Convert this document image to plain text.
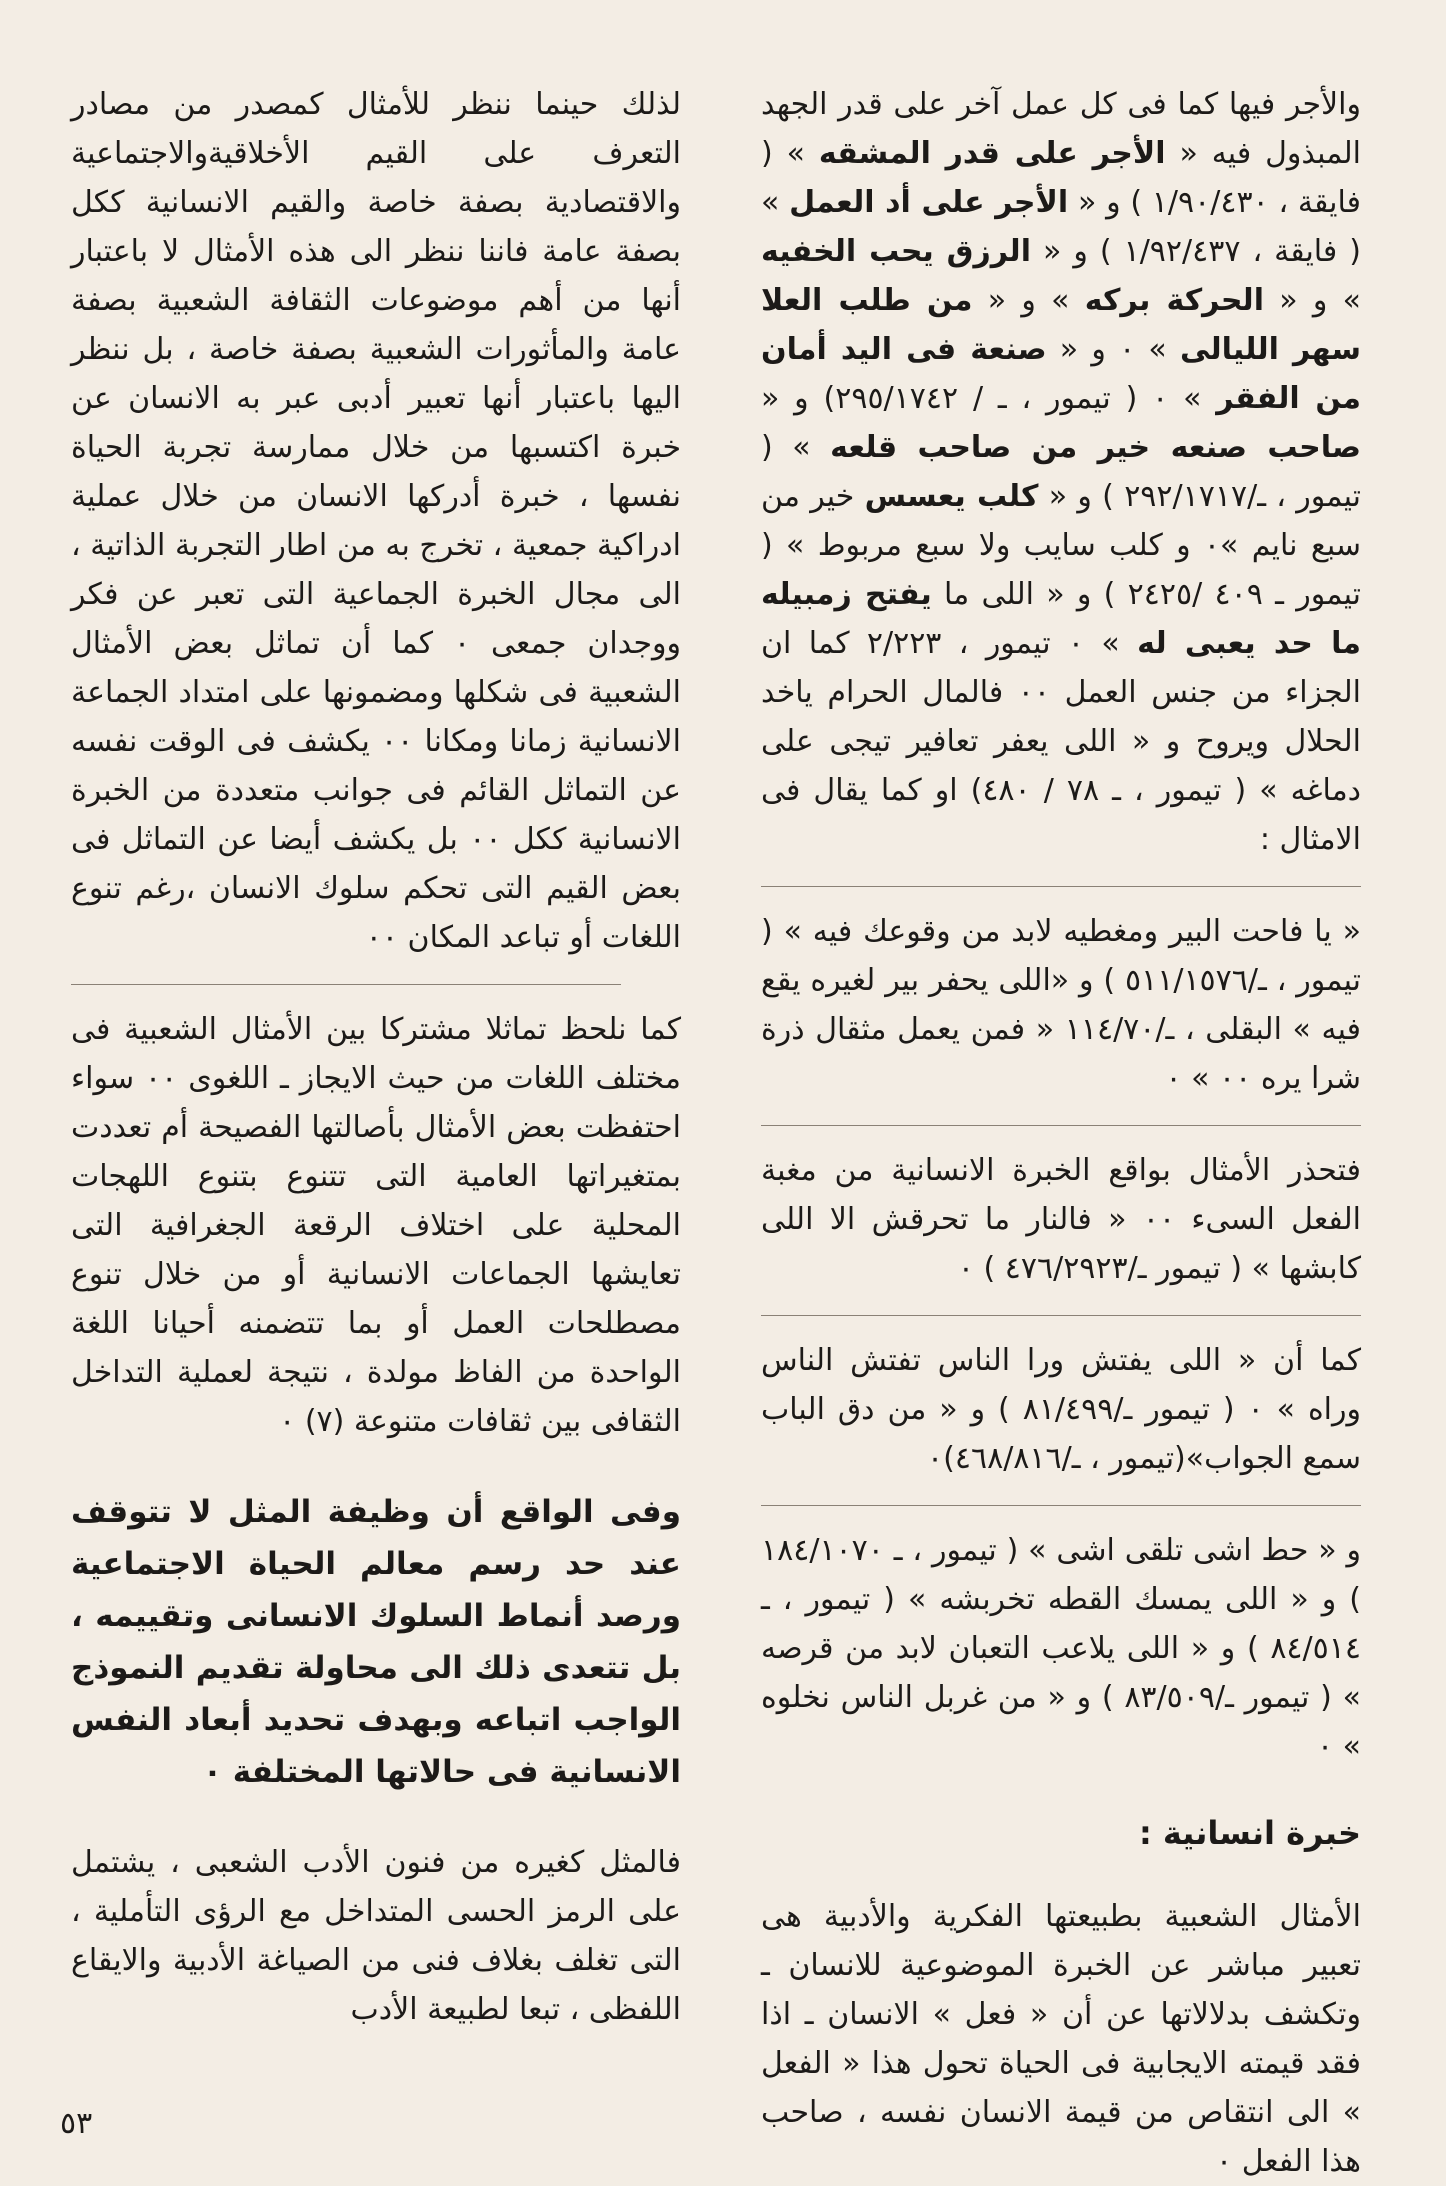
والأجر فيها كما فى كل عمل آخر على قدر الجهد المبذول فيه « الأجر على قدر المشقه » ( فايقة ، ١/٩٠/٤٣٠ ) و « الأجر على أد العمل » ( فايقة ، ١/٩٢/٤٣٧ ) و « الرزق يحب الخفيه » و « الحركة بركه » و « من طلب العلا سهر الليالى » ٠ و « صنعة فى اليد أمان من الفقر » ٠ ( تيمور ، ـ / ٢٩٥/١٧٤٢) و « صاحب صنعه خير من صاحب قلعه » ( تيمور ، ـ/٢٩٢/١٧١٧ ) و « كلب يعسس خير من سبع نايم »٠ و كلب سايب ولا سبع مربوط » ( تيمور ـ ٤٠٩ /٢٤٢٥ ) و « اللى ما يفتح زمبيله ما حد يعبى له » ٠ تيمور ، ٢/٢٢٣ كما ان الجزاء من جنس العمل ٠٠ فالمال الحرام ياخد الحلال ويروح و « اللى يعفر تعافير تيجى على دماغه » ( تيمور ، ـ ٧٨ / ٤٨٠) او كما يقال فى الامثال :

« يا فاحت البير ومغطيه لابد من وقوعك فيه » ( تيمور ، ـ/٥١١/١٥٧٦ ) و «اللى يحفر بير لغيره يقع فيه » البقلى ، ـ/١١٤/٧٠ « فمن يعمل مثقال ذرة شرا يره ٠٠ » ٠

فتحذر الأمثال بواقع الخبرة الانسانية من مغبة الفعل السىء ٠٠ « فالنار ما تحرقش الا اللى كابشها » ( تيمور ـ/٤٧٦/٢٩٢٣ ) ٠

كما أن « اللى يفتش ورا الناس تفتش الناس وراه » ٠ ( تيمور ـ/٨١/٤٩٩ ) و « من دق الباب سمع الجواب»(تيمور ، ـ/٤٦٨/٨١٦)٠

و « حط اشى تلقى اشى » ( تيمور ، ـ ١٨٤/١٠٧٠ ) و « اللى يمسك القطه تخربشه » ( تيمور ، ـ ٨٤/٥١٤ ) و « اللى يلاعب التعبان لابد من قرصه » ( تيمور ـ/٨٣/٥٠٩ ) و « من غربل الناس نخلوه » ٠

خبرة انسانية :

الأمثال الشعبية بطبيعتها الفكرية والأدبية هى تعبير مباشر عن الخبرة الموضوعية للانسان ـ وتكشف بدلالاتها عن أن « فعل » الانسان ـ اذا فقد قيمته الايجابية فى الحياة تحول هذا « الفعل » الى انتقاص من قيمة الانسان نفسه ، صاحب هذا الفعل ٠

لذلك حينما ننظر للأمثال كمصدر من مصادر التعرف على القيم الأخلاقيةوالاجتماعية والاقتصادية بصفة خاصة والقيم الانسانية ككل بصفة عامة فاننا ننظر الى هذه الأمثال لا باعتبار أنها من أهم موضوعات الثقافة الشعبية بصفة عامة والمأثورات الشعبية بصفة خاصة ، بل ننظر اليها باعتبار أنها تعبير أدبى عبر به الانسان عن خبرة اكتسبها من خلال ممارسة تجربة الحياة نفسها ، خبرة أدركها الانسان من خلال عملية ادراكية جمعية ، تخرج به من اطار التجربة الذاتية ، الى مجال الخبرة الجماعية التى تعبر عن فكر ووجدان جمعى ٠ كما أن تماثل بعض الأمثال الشعبية فى شكلها ومضمونها على امتداد الجماعة الانسانية زمانا ومكانا ٠٠ يكشف فى الوقت نفسه عن التماثل القائم فى جوانب متعددة من الخبرة الانسانية ككل ٠٠ بل يكشف أيضا عن التماثل فى بعض القيم التى تحكم سلوك الانسان ،رغم تنوع اللغات أو تباعد المكان ٠٠

كما نلحظ تماثلا مشتركا بين الأمثال الشعبية فى مختلف اللغات من حيث الايجاز ـ اللغوى ٠٠ سواء احتفظت بعض الأمثال بأصالتها الفصيحة أم تعددت بمتغيراتها العامية التى تتنوع بتنوع اللهجات المحلية على اختلاف الرقعة الجغرافية التى تعايشها الجماعات الانسانية أو من خلال تنوع مصطلحات العمل أو بما تتضمنه أحيانا اللغة الواحدة من الفاظ مولدة ، نتيجة لعملية التداخل الثقافى بين ثقافات متنوعة (٧) ٠

وفى الواقع أن وظيفة المثل لا تتوقف عند حد رسم معالم الحياة الاجتماعية ورصد أنماط السلوك الانسانى وتقييمه ، بل تتعدى ذلك الى محاولة تقديم النموذج الواجب اتباعه وبهدف تحديد أبعاد النفس الانسانية فى حالاتها المختلفة ٠

فالمثل كغيره من فنون الأدب الشعبى ، يشتمل على الرمز الحسى المتداخل مع الرؤى التأملية ، التى تغلف بغلاف فنى من الصياغة الأدبية والايقاع اللفظى ، تبعا لطبيعة الأدب

٥٣
